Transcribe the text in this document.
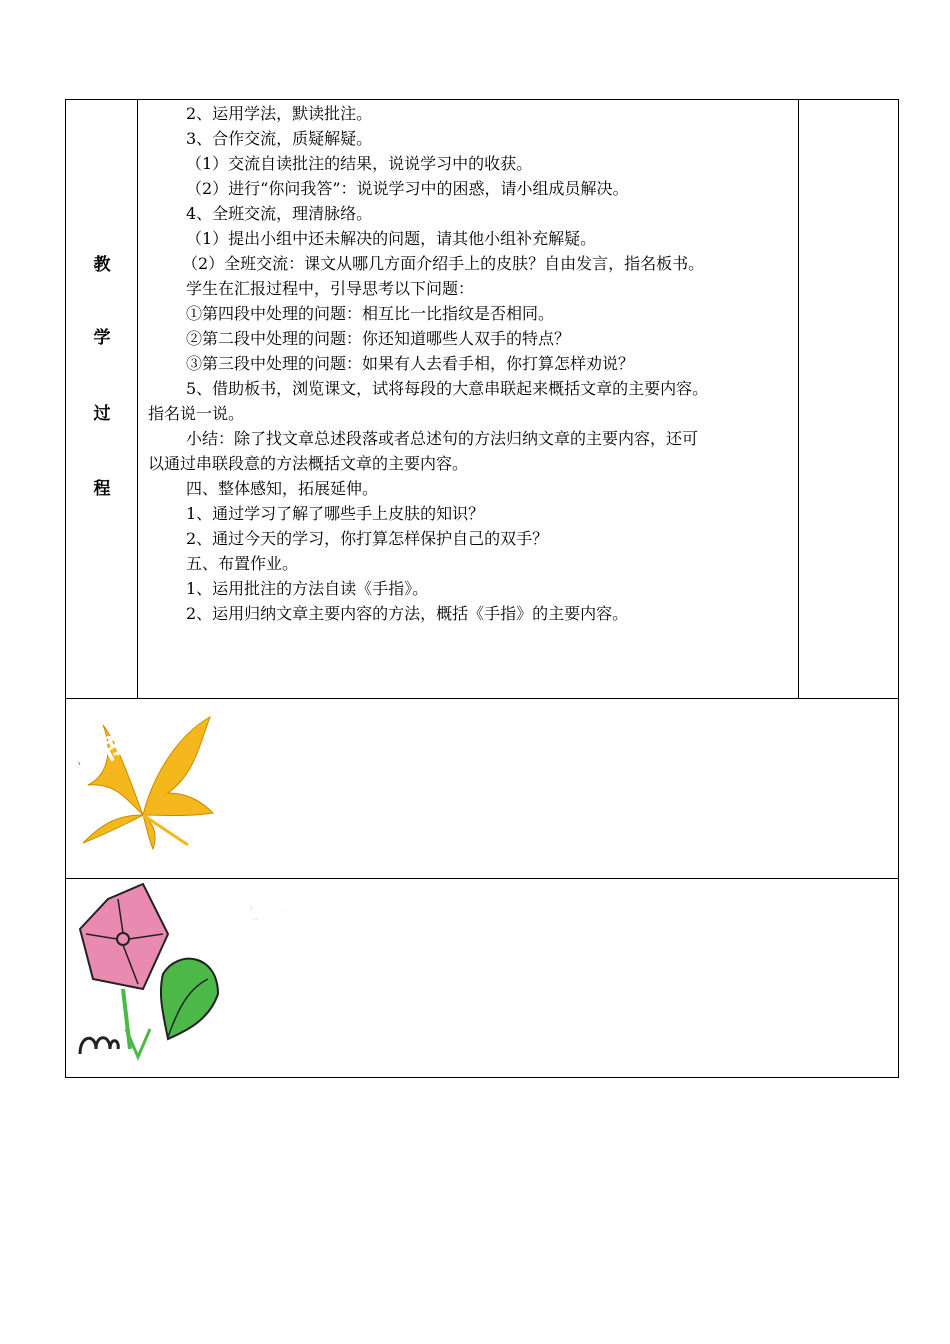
教
学
过
程
2、运用学法，默读批注。
3、合作交流，质疑解疑。
（1）交流自读批注的结果，说说学习中的收获。
（2）进行“你问我答”：说说学习中的困惑，请小组成员解决。
4、全班交流，理清脉络。
（1）提出小组中还未解决的问题，请其他小组补充解疑。
（2）全班交流：课文从哪几方面介绍手上的皮肤？自由发言，指名板书。
学生在汇报过程中，引导思考以下问题：
①第四段中处理的问题：相互比一比指纹是否相同。
②第二段中处理的问题：你还知道哪些人双手的特点？
③第三段中处理的问题：如果有人去看手相，你打算怎样劝说？
5、借助板书，浏览课文，试将每段的大意串联起来概括文章的主要内容。
指名说一说。
小结：除了找文章总述段落或者总述句的方法归纳文章的主要内容，还可
以通过串联段意的方法概括文章的主要内容。
四、整体感知，拓展延伸。
1、通过学习了解了哪些手上皮肤的知识？
2、通过今天的学习，你打算怎样保护自己的双手？
五、布置作业。
1、运用批注的方法自读《手指》。
2、运用归纳文章主要内容的方法，概括《手指》的主要内容。
板书设计
课后反思
